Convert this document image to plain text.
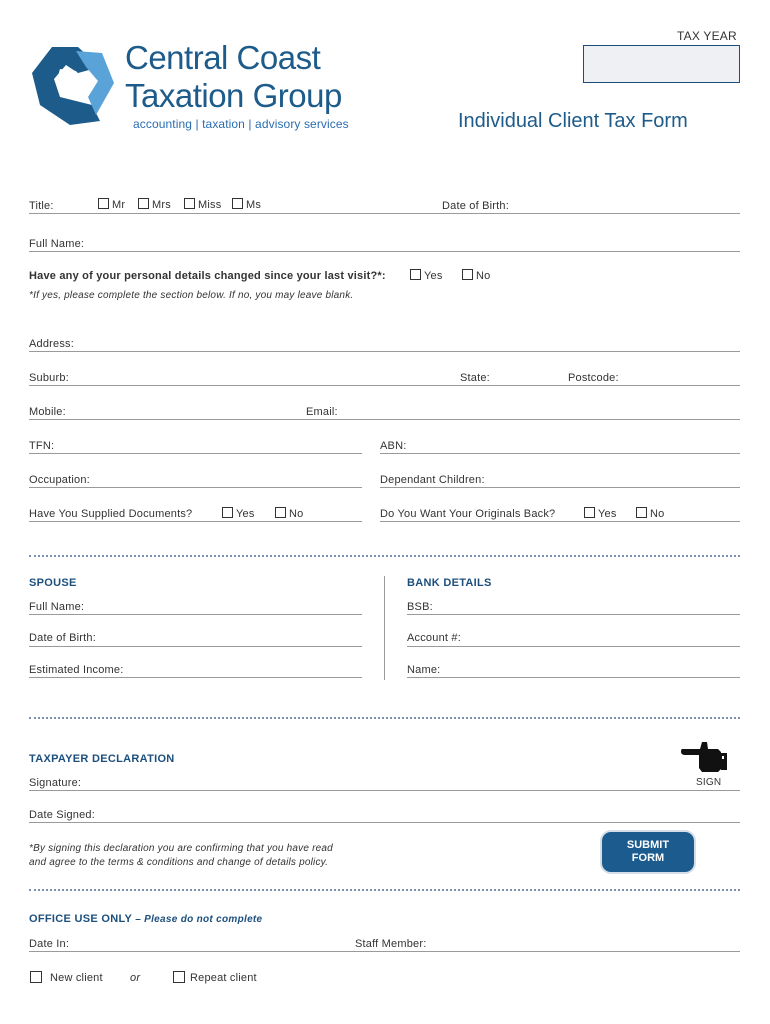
Central Coast
Taxation Group
accounting | taxation | advisory services
TAX YEAR
Individual Client Tax Form
Title:	Mr Mrs Miss Ms	Date of Birth:
Full Name:
Have any of your personal details changed since your last visit?*:	Yes	No
*If yes, please complete the section below. If no, you may leave blank.
Address:
Suburb:	State:	Postcode:
Mobile:	Email:
TFN:	ABN:
Occupation:	Dependant Children:
Have You Supplied Documents?	Yes	No	Do You Want Your Originals Back?	Yes	No
SPOUSE
Full Name:
Date of Birth:
Estimated Income:
BANK DETAILS
BSB:
Account #:
Name:
TAXPAYER DECLARATION
SIGN
Signature:
Date Signed:
*By signing this declaration you are confirming that you have read
and agree to the terms & conditions and change of details policy.
SUBMIT
FORM
OFFICE USE ONLY – Please do not complete
Date In:	Staff Member:
New client or	Repeat client
